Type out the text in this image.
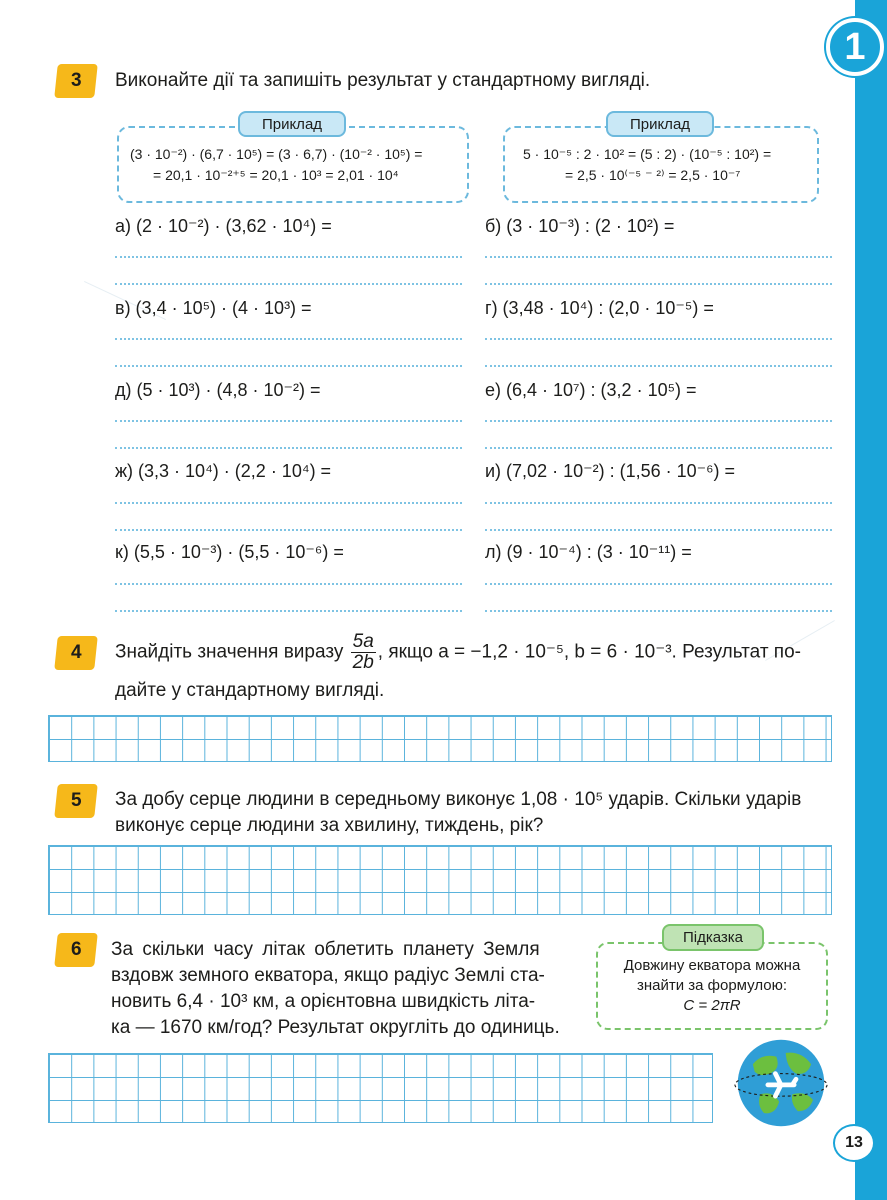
1
13
3 Виконайте дії та запишіть результат у стандартному вигляді.
Приклад
(3 · 10⁻²) · (6,7 · 10⁵) = (3 · 6,7) · (10⁻² · 10⁵) =
= 20,1 · 10⁻²⁺⁵ = 20,1 · 10³ = 2,01 · 10⁴
Приклад
5 · 10⁻⁵ : 2 · 10² = (5 : 2) · (10⁻⁵ : 10²) =
= 2,5 · 10⁽⁻⁵ ⁻ ²⁾ = 2,5 · 10⁻⁷
а) (2 · 10⁻²) · (3,62 · 10⁴) =	б) (3 · 10⁻³) : (2 · 10²) =
в) (3,4 · 10⁵) · (4 · 10³) =	г) (3,48 · 10⁴) : (2,0 · 10⁻⁵) =
д) (5 · 10³) · (4,8 · 10⁻²) =	е) (6,4 · 10⁷) : (3,2 · 10⁵) =
ж) (3,3 · 10⁴) · (2,2 · 10⁴) =	и) (7,02 · 10⁻²) : (1,56 · 10⁻⁶) =
к) (5,5 · 10⁻³) · (5,5 · 10⁻⁶) =	л) (9 · 10⁻⁴) : (3 · 10⁻¹¹) =
4 Знайдіть значення виразу $\frac{5a}{2b}$ , якщо a = −1,2 · 10⁻⁵, b = 6 · 10⁻³. Результат по-
дайте у стандартному вигляді.
5 За добу серце людини в середньому виконує 1,08 · 10⁵ ударів. Скільки ударів
виконує серце людини за хвилину, тиждень, рік?
6 За скільки часу літак облетить планету Земля
вздовж земного екватора, якщо радіус Землі ста-
новить 6,4 · 10³ км, а орієнтовна швидкість літа-
ка — 1670 км/год? Результат округліть до одиниць.
Підказка
Довжину екватора можна
знайти за формулою:
C = 2πR
